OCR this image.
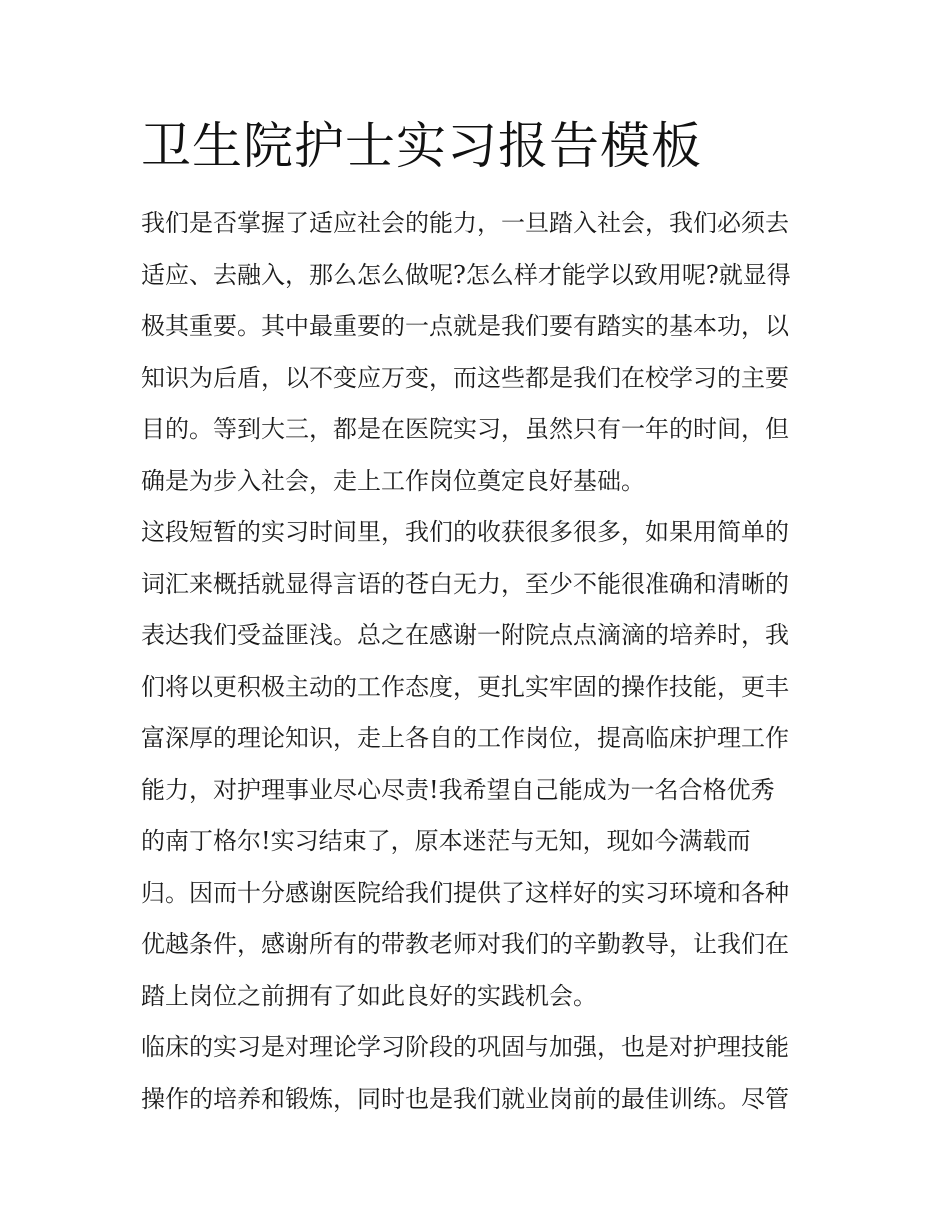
卫生院护士实习报告模板

我们是否掌握了适应社会的能力，一旦踏入社会，我们必须去

适应、去融入，那么怎么做呢?怎么样才能学以致用呢?就显得

极其重要。其中最重要的一点就是我们要有踏实的基本功，以

知识为后盾，以不变应万变，而这些都是我们在校学习的主要

目的。等到大三，都是在医院实习，虽然只有一年的时间，但

确是为步入社会，走上工作岗位奠定良好基础。

这段短暂的实习时间里，我们的收获很多很多，如果用简单的

词汇来概括就显得言语的苍白无力，至少不能很准确和清晰的

表达我们受益匪浅。总之在感谢一附院点点滴滴的培养时，我

们将以更积极主动的工作态度，更扎实牢固的操作技能，更丰

富深厚的理论知识，走上各自的工作岗位，提高临床护理工作

能力，对护理事业尽心尽责!我希望自己能成为一名合格优秀

的南丁格尔!实习结束了，原本迷茫与无知，现如今满载而

归。因而十分感谢医院给我们提供了这样好的实习环境和各种

优越条件，感谢所有的带教老师对我们的辛勤教导，让我们在

踏上岗位之前拥有了如此良好的实践机会。

临床的实习是对理论学习阶段的巩固与加强，也是对护理技能

操作的培养和锻炼，同时也是我们就业岗前的最佳训练。尽管
